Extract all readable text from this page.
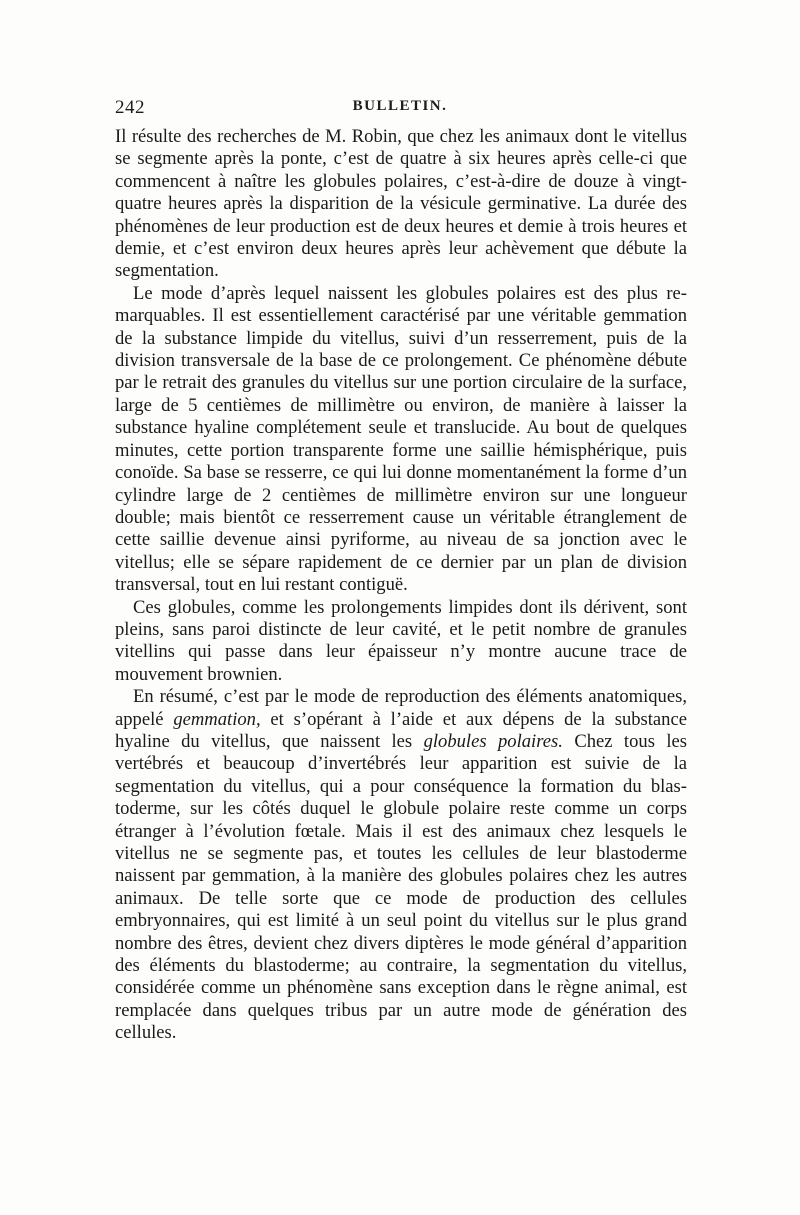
242	BULLETIN.

Il résulte des recherches de M. Robin, que chez les animaux dont le vitellus se segmente après la ponte, c’est de quatre à six heures après celle-ci que commencent à naître les globules polaires, c’est-à-dire de douze à vingt-quatre heures après la disparition de la vésicule germinative. La durée des phénomènes de leur production est de deux heures et demie à trois heures et demie, et c’est environ deux heures après leur achèvement que débute la segmentation.

Le mode d’après lequel naissent les globules polaires est des plus remarquables. Il est essentiellement caractérisé par une véritable gemmation de la substance limpide du vitellus, suivi d’un resserrement, puis de la division transversale de la base de ce prolongement. Ce phénomène débute par le retrait des granules du vitellus sur une portion circulaire de la surface, large de 5 centièmes de millimètre ou environ, de manière à laisser la substance hyaline complétement seule et translucide. Au bout de quelques minutes, cette portion transparente forme une saillie hémisphérique, puis conoïde. Sa base se resserre, ce qui lui donne momentanément la forme d’un cylindre large de 2 centièmes de millimètre environ sur une longueur double; mais bientôt ce resserrement cause un véritable étranglement de cette saillie devenue ainsi pyriforme, au niveau de sa jonction avec le vitellus; elle se sépare rapidement de ce dernier par un plan de division transversal, tout en lui restant contiguë.

Ces globules, comme les prolongements limpides dont ils dérivent, sont pleins, sans paroi distincte de leur cavité, et le petit nombre de granules vitellins qui passe dans leur épaisseur n’y montre aucune trace de mouvement brownien.

En résumé, c’est par le mode de reproduction des éléments anatomiques, appelé gemmation, et s’opérant à l’aide et aux dépens de la substance hyaline du vitellus, que naissent les globules polaires. Chez tous les vertébrés et beaucoup d’invertébrés leur apparition est suivie de la segmentation du vitellus, qui a pour conséquence la formation du blastoderme, sur les côtés duquel le globule polaire reste comme un corps étranger à l’évolution fœtale. Mais il est des animaux chez lesquels le vitellus ne se segmente pas, et toutes les cellules de leur blastoderme naissent par gemmation, à la manière des globules polaires chez les autres animaux. De telle sorte que ce mode de production des cellules embryonnaires, qui est limité à un seul point du vitellus sur le plus grand nombre des êtres, devient chez divers diptères le mode général d’apparition des éléments du blastoderme; au contraire, la segmentation du vitellus, considérée comme un phénomène sans exception dans le règne animal, est remplacée dans quelques tribus par un autre mode de génération des cellules.
